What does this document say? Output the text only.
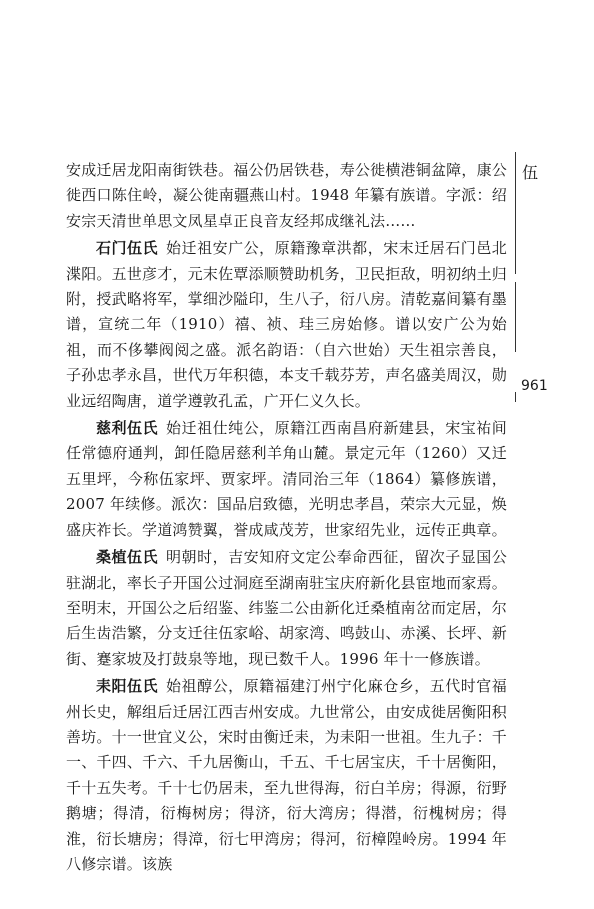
安成迁居龙阳南街铁巷。福公仍居铁巷，寿公徙横港铜盆障，康公徙西口陈住岭，凝公徙南疆燕山村。1948 年纂有族谱。字派：绍安宗天清世单思文凤星卓正良音友经邦成继礼法……

石门伍氏 始迁祖安广公，原籍豫章洪都，宋末迁居石门邑北渫阳。五世彦才，元末佐覃添顺赞助机务，卫民拒敌，明初纳土归附，授武略将军，掌细沙隘印，生八子，衍八房。清乾嘉间纂有墨谱，宣统二年（1910）禧、祯、珪三房始修。谱以安广公为始祖，而不侈攀阀阅之盛。派名韵语：（自六世始）天生祖宗善良，子孙忠孝永昌，世代万年积德，本支千载芬芳，声名盛美周汉，勋业远绍陶唐，道学遵敦孔孟，广开仁义久长。

慈利伍氏 始迁祖仕纯公，原籍江西南昌府新建县，宋宝祐间任常德府通判，卸任隐居慈利羊角山麓。景定元年（1260）又迁五里坪，今称伍家坪、贾家坪。清同治三年（1864）纂修族谱，2007 年续修。派次：国品启致德，光明忠孝昌，荣宗大元显，焕盛庆祚长。学道鸿赞翼，誉成咸茂芳，世家绍先业，远传正典章。

桑植伍氏 明朝时，吉安知府文定公奉命西征，留次子显国公驻湖北，率长子开国公过洞庭至湖南驻宝庆府新化县宦地而家焉。至明末，开国公之后绍鉴、纬鉴二公由新化迁桑植南岔而定居，尔后生齿浩繁，分支迁往伍家峪、胡家湾、鸣鼓山、赤溪、长坪、新街、蹇家坡及打鼓泉等地，现已数千人。1996 年十一修族谱。

耒阳伍氏 始祖醇公，原籍福建汀州宁化麻仓乡，五代时官福州长史，解组后迁居江西吉州安成。九世常公，由安成徙居衡阳积善坊。十一世宜义公，宋时由衡迁耒，为耒阳一世祖。生九子：千一、千四、千六、千九居衡山，千五、千七居宝庆，千十居衡阳，千十五失考。千十七仍居耒，至九世得海，衍白羊房；得源，衍野鹅塘；得清，衍梅树房；得济，衍大湾房；得潜，衍槐树房；得淮，衍长塘房；得漳，衍七甲湾房；得河，衍樟隍岭房。1994 年八修宗谱。该族

伍
961
